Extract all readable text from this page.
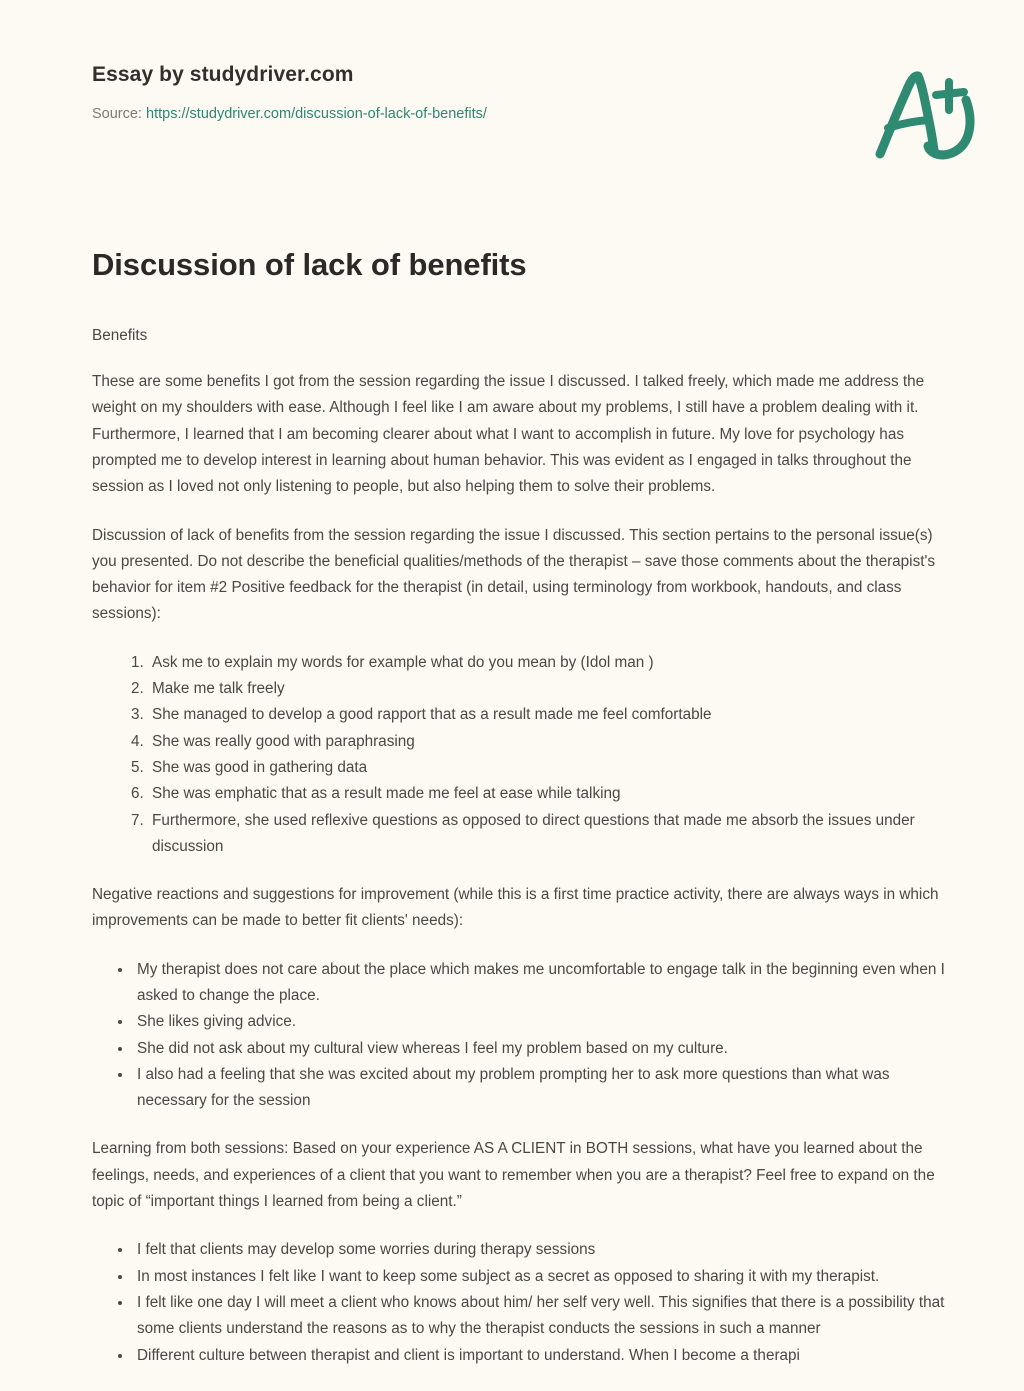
Essay by studydriver.com
Source: https://studydriver.com/discussion-of-lack-of-benefits/
Discussion of lack of benefits

Benefits

These are some benefits I got from the session regarding the issue I discussed. I talked freely, which made me address the weight on my shoulders with ease. Although I feel like I am aware about my problems, I still have a problem dealing with it. Furthermore, I learned that I am becoming clearer about what I want to accomplish in future. My love for psychology has prompted me to develop interest in learning about human behavior. This was evident as I engaged in talks throughout the session as I loved not only listening to people, but also helping them to solve their problems.

Discussion of lack of benefits from the session regarding the issue I discussed. This section pertains to the personal issue(s) you presented. Do not describe the beneficial qualities/methods of the therapist – save those comments about the therapist's behavior for item #2 Positive feedback for the therapist (in detail, using terminology from workbook, handouts, and class sessions):

1. Ask me to explain my words for example what do you mean by (Idol man )
2. Make me talk freely
3. She managed to develop a good rapport that as a result made me feel comfortable
4. She was really good with paraphrasing
5. She was good in gathering data
6. She was emphatic that as a result made me feel at ease while talking
7. Furthermore, she used reflexive questions as opposed to direct questions that made me absorb the issues under discussion

Negative reactions and suggestions for improvement (while this is a first time practice activity, there are always ways in which improvements can be made to better fit clients' needs):

• My therapist does not care about the place which makes me uncomfortable to engage talk in the beginning even when I asked to change the place.
• She likes giving advice.
• She did not ask about my cultural view whereas I feel my problem based on my culture.
• I also had a feeling that she was excited about my problem prompting her to ask more questions than what was necessary for the session

Learning from both sessions: Based on your experience AS A CLIENT in BOTH sessions, what have you learned about the feelings, needs, and experiences of a client that you want to remember when you are a therapist? Feel free to expand on the topic of “important things I learned from being a client.”

• I felt that clients may develop some worries during therapy sessions
• In most instances I felt like I want to keep some subject as a secret as opposed to sharing it with my therapist.
• I felt like one day I will meet a client who knows about him/ her self very well. This signifies that there is a possibility that some clients understand the reasons as to why the therapist conducts the sessions in such a manner
• Different culture between therapist and client is important to understand. When I become a therapi
